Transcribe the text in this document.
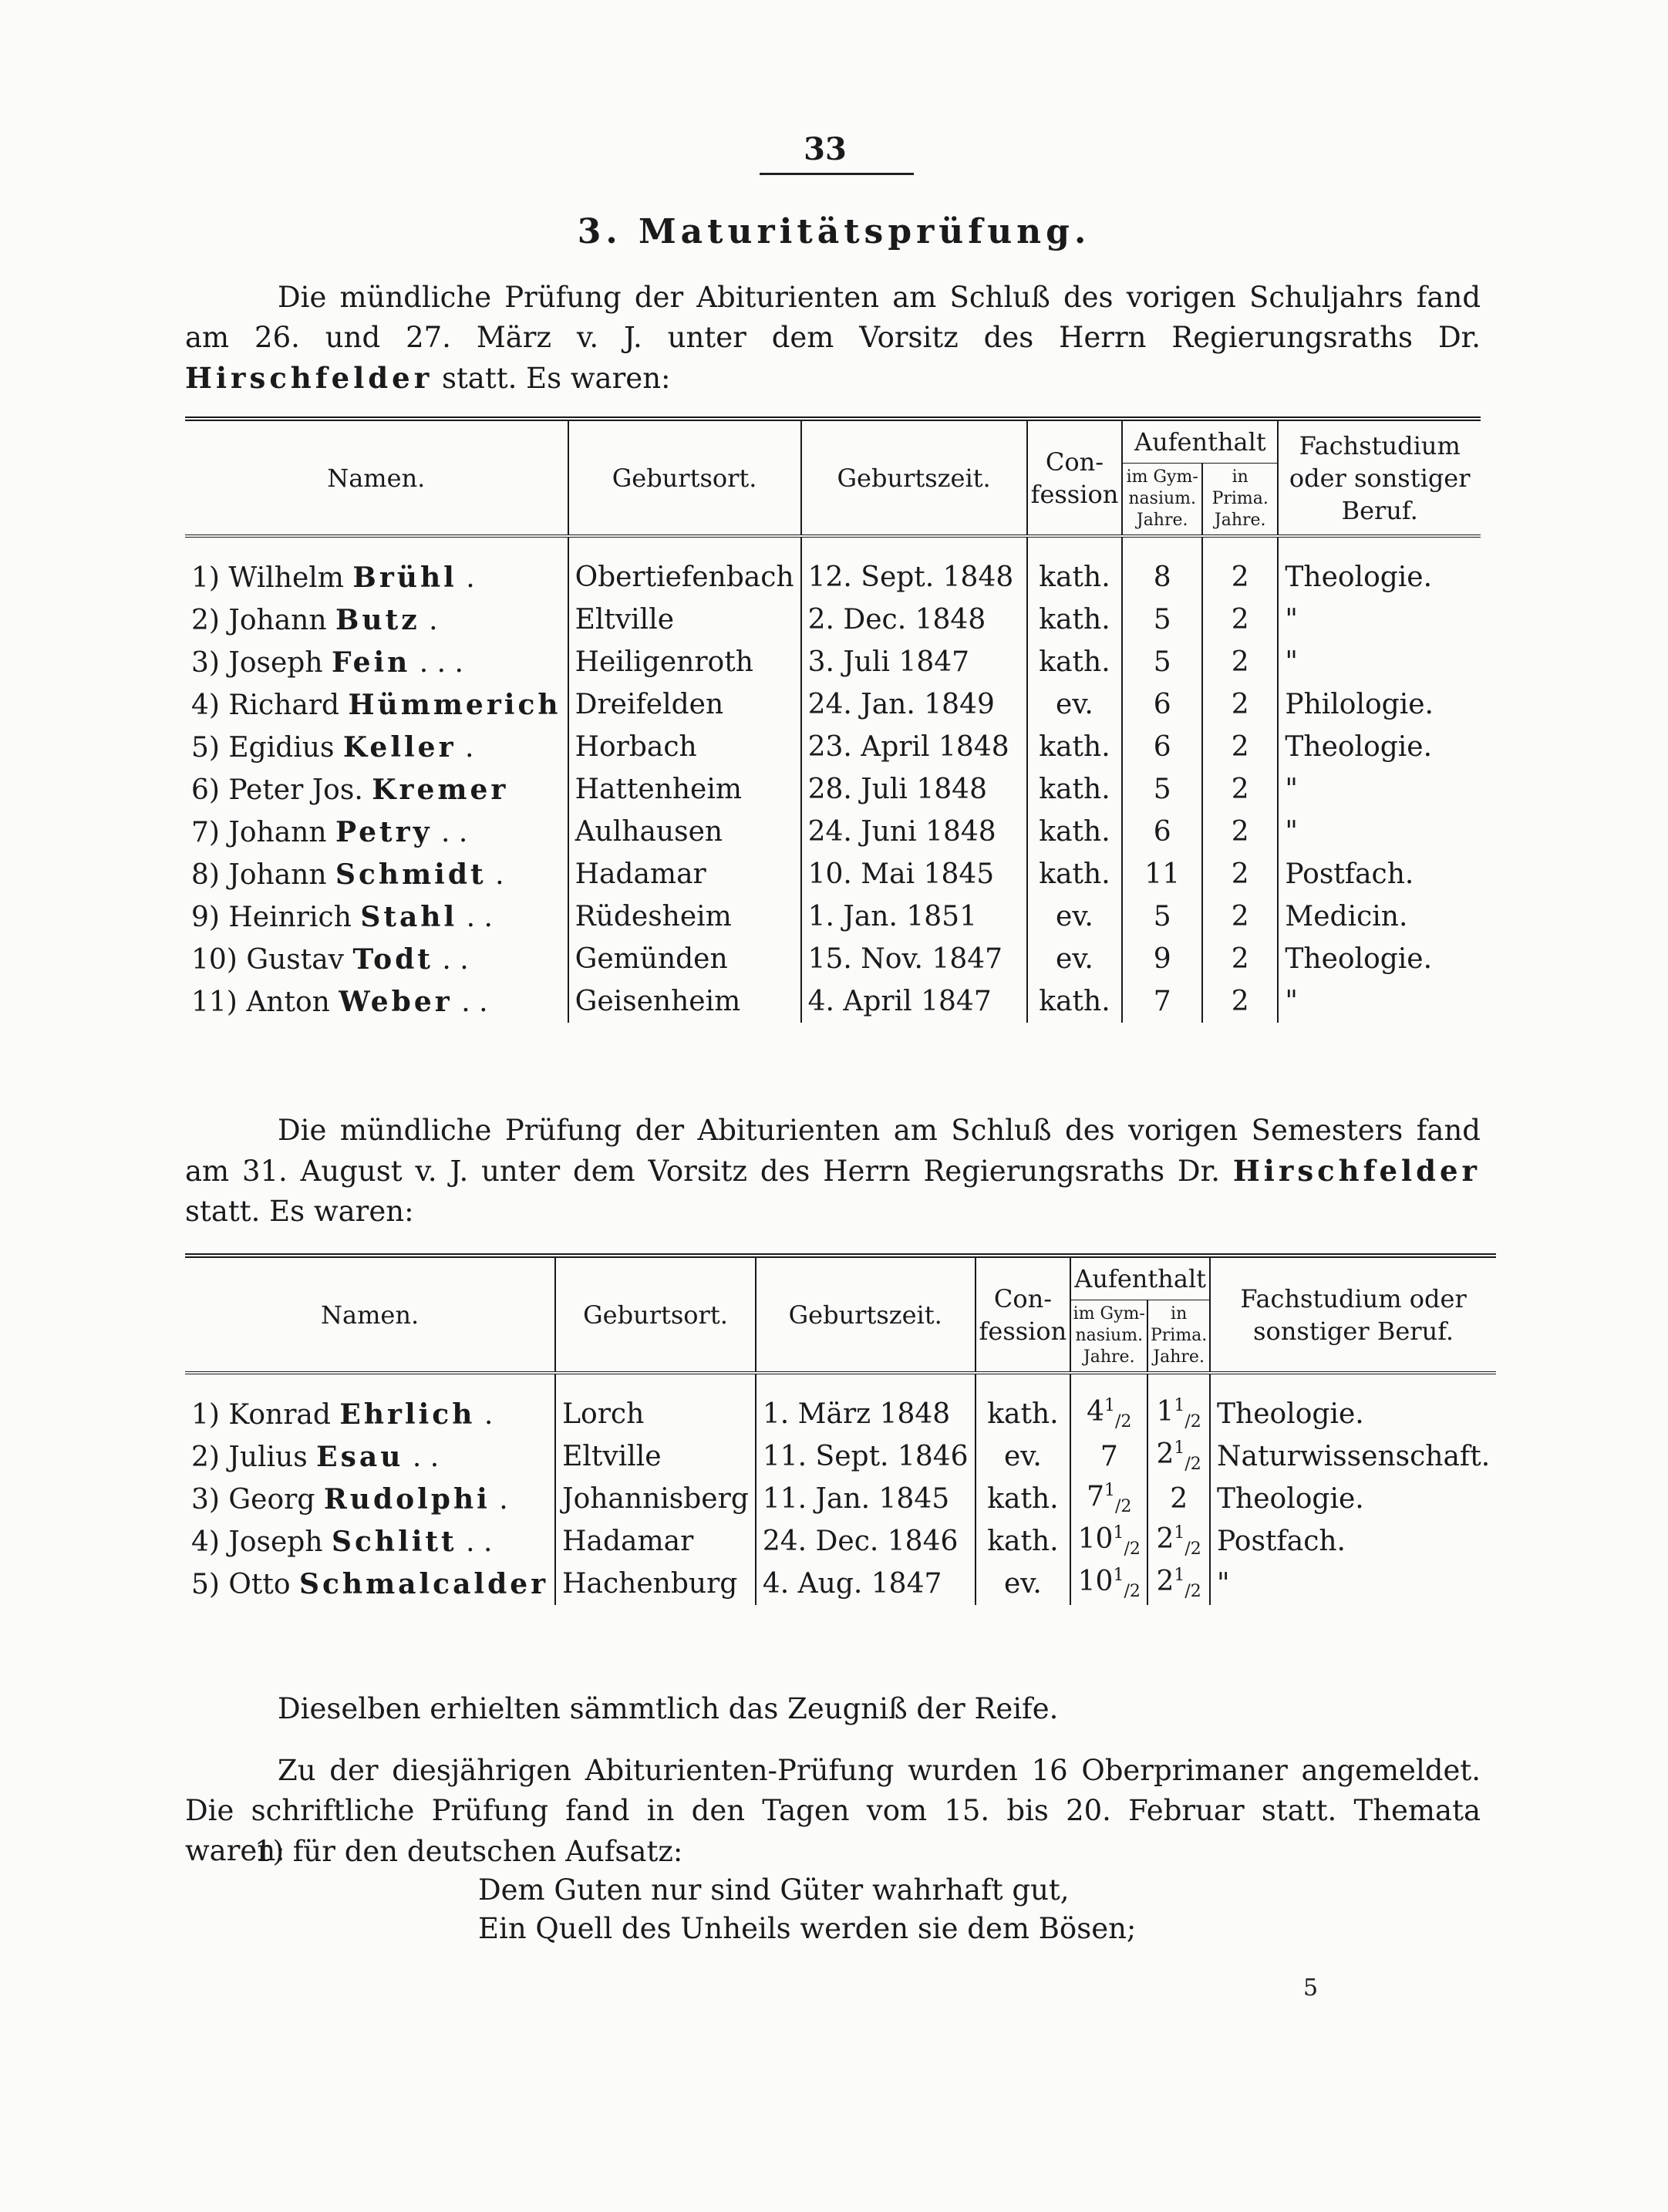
33
3. Maturitätsprüfung.
Die mündliche Prüfung der Abiturienten am Schluß des vorigen Schuljahrs fand am 26. und 27. März v. J. unter dem Vorsitz des Herrn Regierungsraths Dr. Hirschfelder statt. Es waren:
Namen.	Geburtsort.	Geburtszeit.	Con-fession	Aufenthalt		Fachstudium oder sonstiger Beruf.
				im Gym-nasium. Jahre.	in Prima. Jahre.	
1) Wilhelm Brühl .	Obertiefenbach	12. Sept. 1848	kath.	8	2	Theologie.
2) Johann Butz .	Eltville	2. Dec. 1848	kath.	5	2	"
3) Joseph Fein . . .	Heiligenroth	3. Juli 1847	kath.	5	2	"
4) Richard Hümmerich	Dreifelden	24. Jan. 1849	ev.	6	2	Philologie.
5) Egidius Keller .	Horbach	23. April 1848	kath.	6	2	Theologie.
6) Peter Jos. Kremer	Hattenheim	28. Juli 1848	kath.	5	2	"
7) Johann Petry . .	Aulhausen	24. Juni 1848	kath.	6	2	"
8) Johann Schmidt .	Hadamar	10. Mai 1845	kath.	11	2	Postfach.
9) Heinrich Stahl . .	Rüdesheim	1. Jan. 1851	ev.	5	2	Medicin.
10) Gustav Todt . .	Gemünden	15. Nov. 1847	ev.	9	2	Theologie.
11) Anton Weber . .	Geisenheim	4. April 1847	kath.	7	2	"
Die mündliche Prüfung der Abiturienten am Schluß des vorigen Semesters fand am 31. August v. J. unter dem Vorsitz des Herrn Regierungsraths Dr. Hirschfelder statt. Es waren:
Namen.	Geburtsort.	Geburtszeit.	Con-fession	Aufenthalt		Fachstudium oder sonstiger Beruf.
				im Gym-nasium. Jahre.	in Prima. Jahre.	
1) Konrad Ehrlich .	Lorch	1. März 1848	kath.	$4^1_{/2}$	$1^1_{/2}$	Theologie.
2) Julius Esau . .	Eltville	11. Sept. 1846	ev.	7	$2^1_{/2}$	Naturwissenschaft.
3) Georg Rudolphi .	Johannisberg	11. Jan. 1845	kath.	$7^1_{/2}$	2	Theologie.
4) Joseph Schlitt . .	Hadamar	24. Dec. 1846	kath.	$10^1_{/2}$	$2^1_{/2}$	Postfach.
5) Otto Schmalcalder	Hachenburg	4. Aug. 1847	ev.	$10^1_{/2}$	$2^1_{/2}$	"
Dieselben erhielten sämmtlich das Zeugniß der Reife.
Zu der diesjährigen Abiturienten-Prüfung wurden 16 Oberprimaner angemeldet. Die schriftliche Prüfung fand in den Tagen vom 15. bis 20. Februar statt. Themata waren:
1) für den deutschen Aufsatz:
Dem Guten nur sind Güter wahrhaft gut,
Ein Quell des Unheils werden sie dem Bösen;
5
